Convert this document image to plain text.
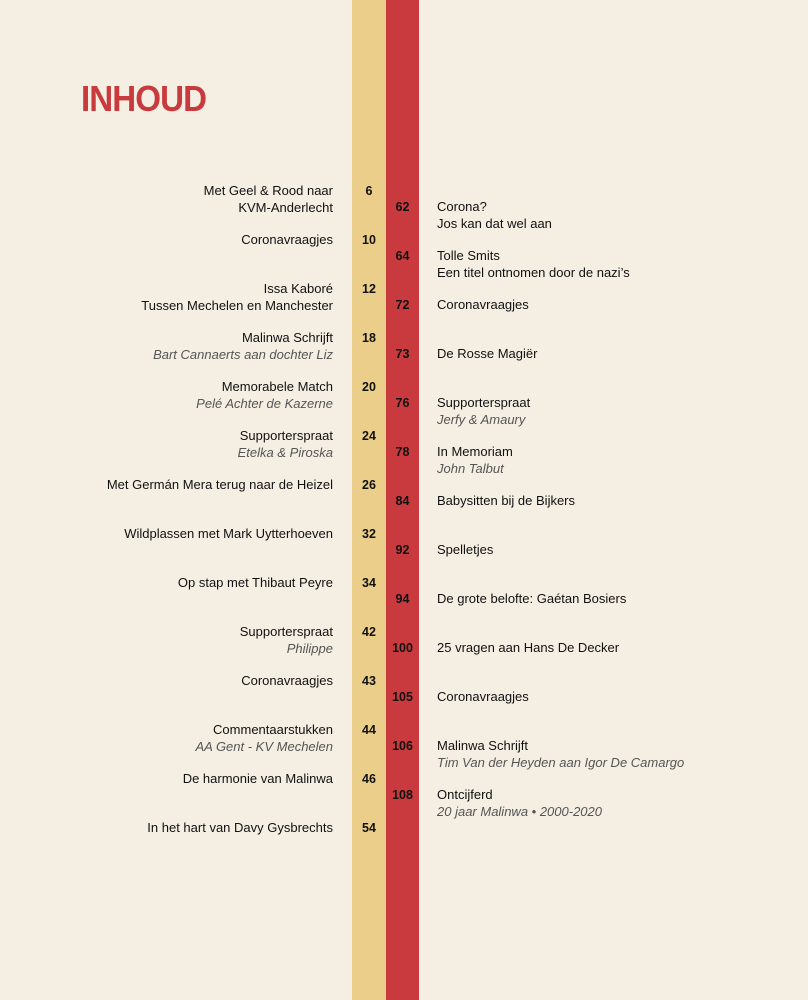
INHOUD
6
Met Geel & Rood naar
KVM-Anderlecht
10
Coronavraagjes
12
Issa Kaboré
Tussen Mechelen en Manchester
18
Malinwa Schrijft
Bart Cannaerts aan dochter Liz
20
Memorabele Match
Pelé Achter de Kazerne
24
Supporterspraat
Etelka & Piroska
26
Met Germán Mera terug naar de Heizel
32
Wildplassen met Mark Uytterhoeven
34
Op stap met Thibaut Peyre
42
Supporterspraat
Philippe
43
Coronavraagjes
44
Commentaarstukken
AA Gent - KV Mechelen
46
De harmonie van Malinwa
54
In het hart van Davy Gysbrechts
62	Corona?
Jos kan dat wel aan
64	Tolle Smits
Een titel ontnomen door de nazi’s
72	Coronavraagjes
73	De Rosse Magiër
76	Supporterspraat
Jerfy & Amaury
78	In Memoriam
John Talbut
84	Babysitten bij de Bijkers
92	Spelletjes
94	De grote belofte: Gaétan Bosiers
100	25 vragen aan Hans De Decker
105	Coronavraagjes
106	Malinwa Schrijft
Tim Van der Heyden aan Igor De Camargo
108	Ontcijferd
20 jaar Malinwa • 2000-2020
